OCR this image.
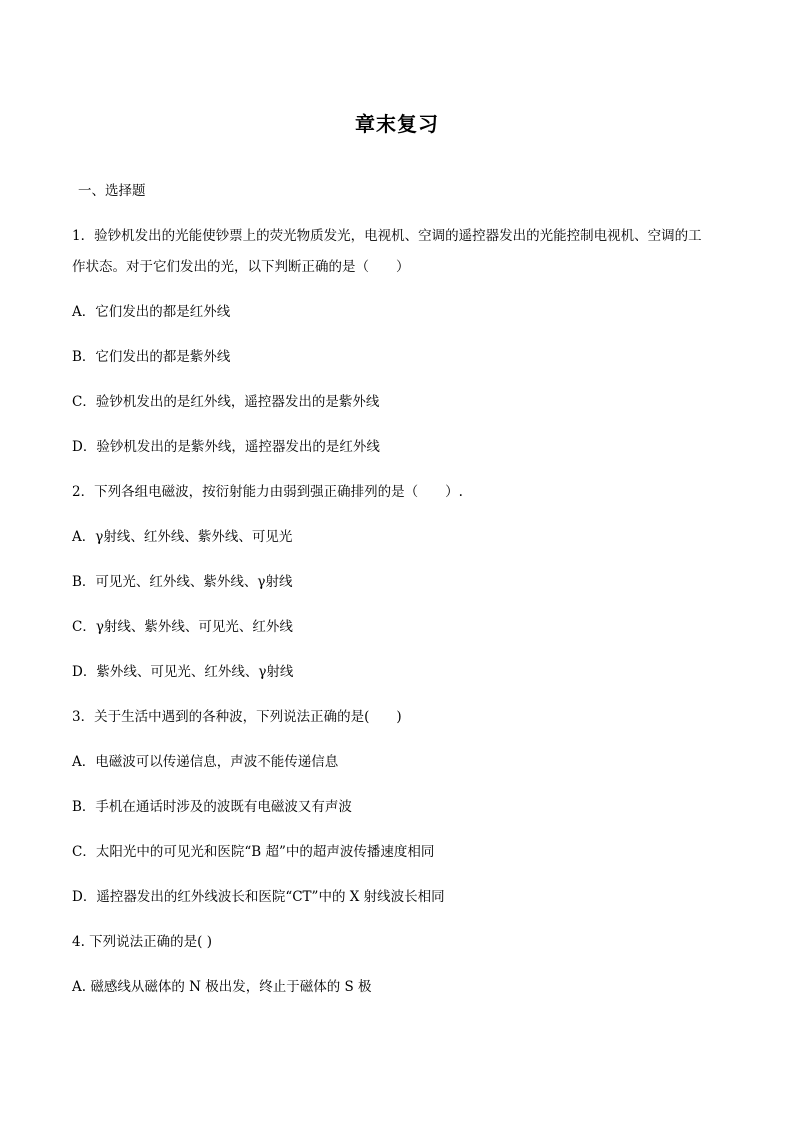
章末复习
一、选择题
1．验钞机发出的光能使钞票上的荧光物质发光，电视机、空调的遥控器发出的光能控制电视机、空调的工
作状态。对于它们发出的光，以下判断正确的是（　　）
A．它们发出的都是红外线
B．它们发出的都是紫外线
C．验钞机发出的是红外线，遥控器发出的是紫外线
D．验钞机发出的是紫外线，遥控器发出的是红外线
2．下列各组电磁波，按衍射能力由弱到强正确排列的是（　　）.
A．γ射线、红外线、紫外线、可见光
B．可见光、红外线、紫外线、γ射线
C．γ射线、紫外线、可见光、红外线
D．紫外线、可见光、红外线、γ射线
3．关于生活中遇到的各种波，下列说法正确的是(　　)
A．电磁波可以传递信息，声波不能传递信息
B．手机在通话时涉及的波既有电磁波又有声波
C．太阳光中的可见光和医院“B 超”中的超声波传播速度相同
D．遥控器发出的红外线波长和医院“CT”中的 X 射线波长相同
4. 下列说法正确的是( )
A. 磁感线从磁体的 N 极出发，终止于磁体的 S 极
